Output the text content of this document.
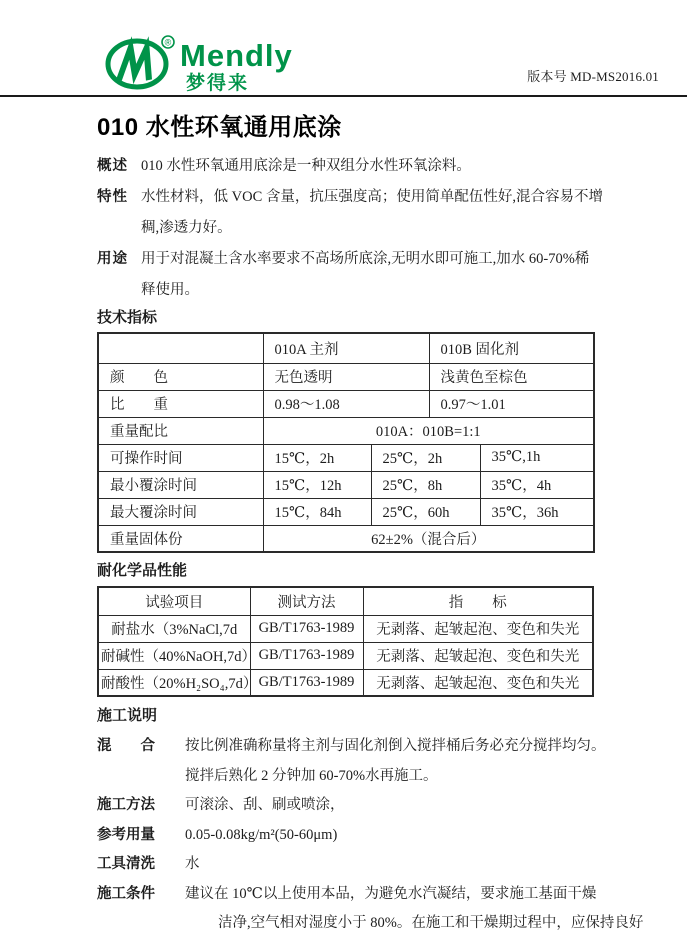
® Mendly
梦得来	版本号 MD-MS2016.01
010 水性环氧通用底涂
概述 010 水性环氧通用底涂是一种双组分水性环氧涂料。
特性 水性材料，低 VOC 含量，抗压强度高；使用简单配伍性好,混合容易不增
稠,渗透力好。
用途 用于对混凝土含水率要求不高场所底涂,无明水即可施工,加水 60-70%稀
释使用。
技术指标
	010A 主剂		010B 固化剂	
颜　　色	无色透明		浅黄色至棕色	
比　　重	0.98～1.08		0.97～1.01	
重量配比	010A：010B=1:1			
可操作时间	15℃，2h	25℃，2h		35℃,1h
最小覆涂时间	15℃，12h	25℃，8h		35℃，4h
最大覆涂时间	15℃，84h	25℃，60h		35℃，36h
重量固体份	62±2%（混合后）			
耐化学品性能
试验项目	测试方法	指　　标
耐盐水（3%NaCl,7d	GB/T1763-1989	无剥落、起皱起泡、变色和失光
耐碱性（40%NaOH,7d）	GB/T1763-1989	无剥落、起皱起泡、变色和失光
耐酸性（20%H₂SO₄,7d）	GB/T1763-1989	无剥落、起皱起泡、变色和失光
施工说明
混　　合	按比例准确称量将主剂与固化剂倒入搅拌桶后务必充分搅拌均匀。
搅拌后熟化 2 分钟加 60-70%水再施工。
施工方法	可滚涂、刮、刷或喷涂，
参考用量	0.05-0.08kg/m²(50-60μm)
工具清洗	水
施工条件	建议在 10℃以上使用本品，为避免水汽凝结，要求施工基面干燥
洁净,空气相对湿度小于 80%。在施工和干燥期过程中，应保持良好
